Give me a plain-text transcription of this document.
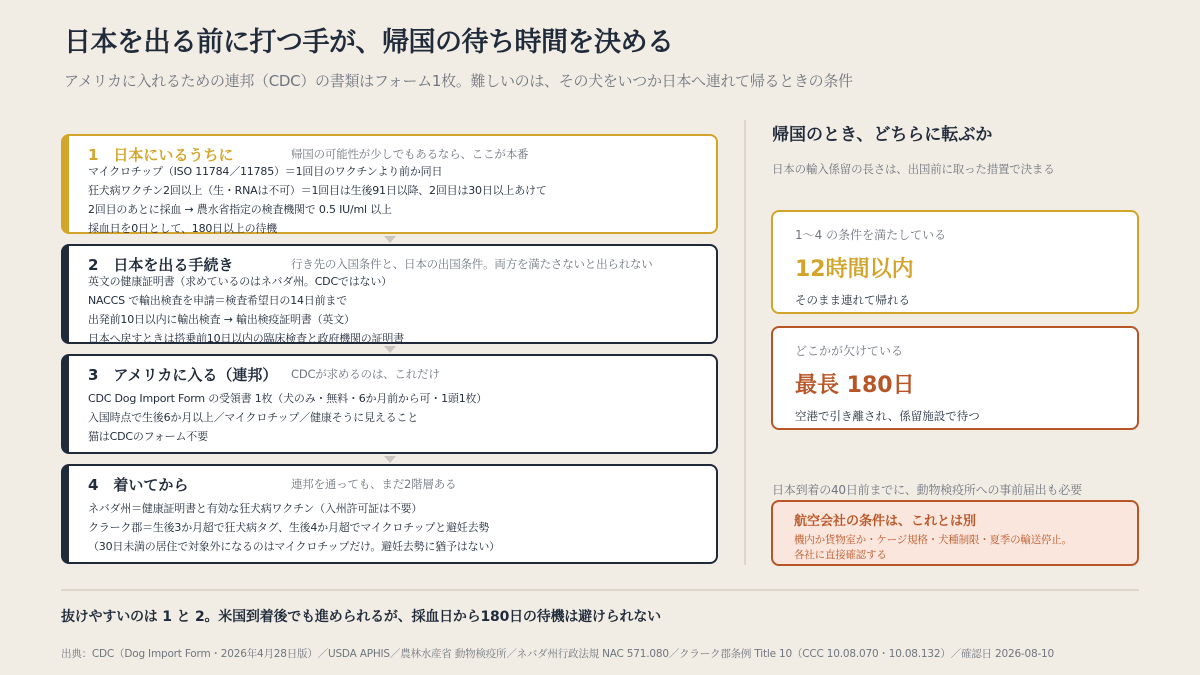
日本を出る前に打つ手が、帰国の待ち時間を決める
アメリカに入れるための連邦（CDC）の書類はフォーム1枚。難しいのは、その犬をいつか日本へ連れて帰るときの条件
1　日本にいるうちに	帰国の可能性が少しでもあるなら、ここが本番
マイクロチップ（ISO 11784／11785）＝1回目のワクチンより前か同日
狂犬病ワクチン2回以上（生・RNAは不可）＝1回目は生後91日以降、2回目は30日以上あけて
2回目のあとに採血 → 農水省指定の検査機関で 0.5 IU/ml 以上
採血日を0日として、180日以上の待機
2　日本を出る手続き	行き先の入国条件と、日本の出国条件。両方を満たさないと出られない
英文の健康証明書（求めているのはネバダ州。CDCではない）
NACCS で輸出検査を申請＝検査希望日の14日前まで
出発前10日以内に輸出検査 → 輸出検疫証明書（英文）
日本へ戻すときは搭乗前10日以内の臨床検査と政府機関の証明書
3　アメリカに入る（連邦） CDCが求めるのは、これだけ
CDC Dog Import Form の受領書 1枚（犬のみ・無料・6か月前から可・1頭1枚）
入国時点で生後6か月以上／マイクロチップ／健康そうに見えること
猫はCDCのフォーム不要
4　着いてから	連邦を通っても、まだ2階層ある
ネバダ州＝健康証明書と有効な狂犬病ワクチン（入州許可証は不要）
クラーク郡＝生後3か月超で狂犬病タグ、生後4か月超でマイクロチップと避妊去勢
（30日未満の居住で対象外になるのはマイクロチップだけ。避妊去勢に猶予はない）
帰国のとき、どちらに転ぶか
日本の輸入係留の長さは、出国前に取った措置で決まる
1〜4 の条件を満たしている
12時間以内
そのまま連れて帰れる
どこかが欠けている
最長 180日
空港で引き離され、係留施設で待つ
日本到着の40日前までに、動物検疫所への事前届出も必要
航空会社の条件は、これとは別
機内か貨物室か・ケージ規格・犬種制限・夏季の輸送停止。
各社に直接確認する
抜けやすいのは 1 と 2。米国到着後でも進められるが、採血日から180日の待機は避けられない
出典：CDC（Dog Import Form・2026年4月28日版）／USDA APHIS／農林水産省 動物検疫所／ネバダ州行政法規 NAC 571.080／クラーク郡条例 Title 10（CCC 10.08.070・10.08.132）／確認日 2026-08-10
